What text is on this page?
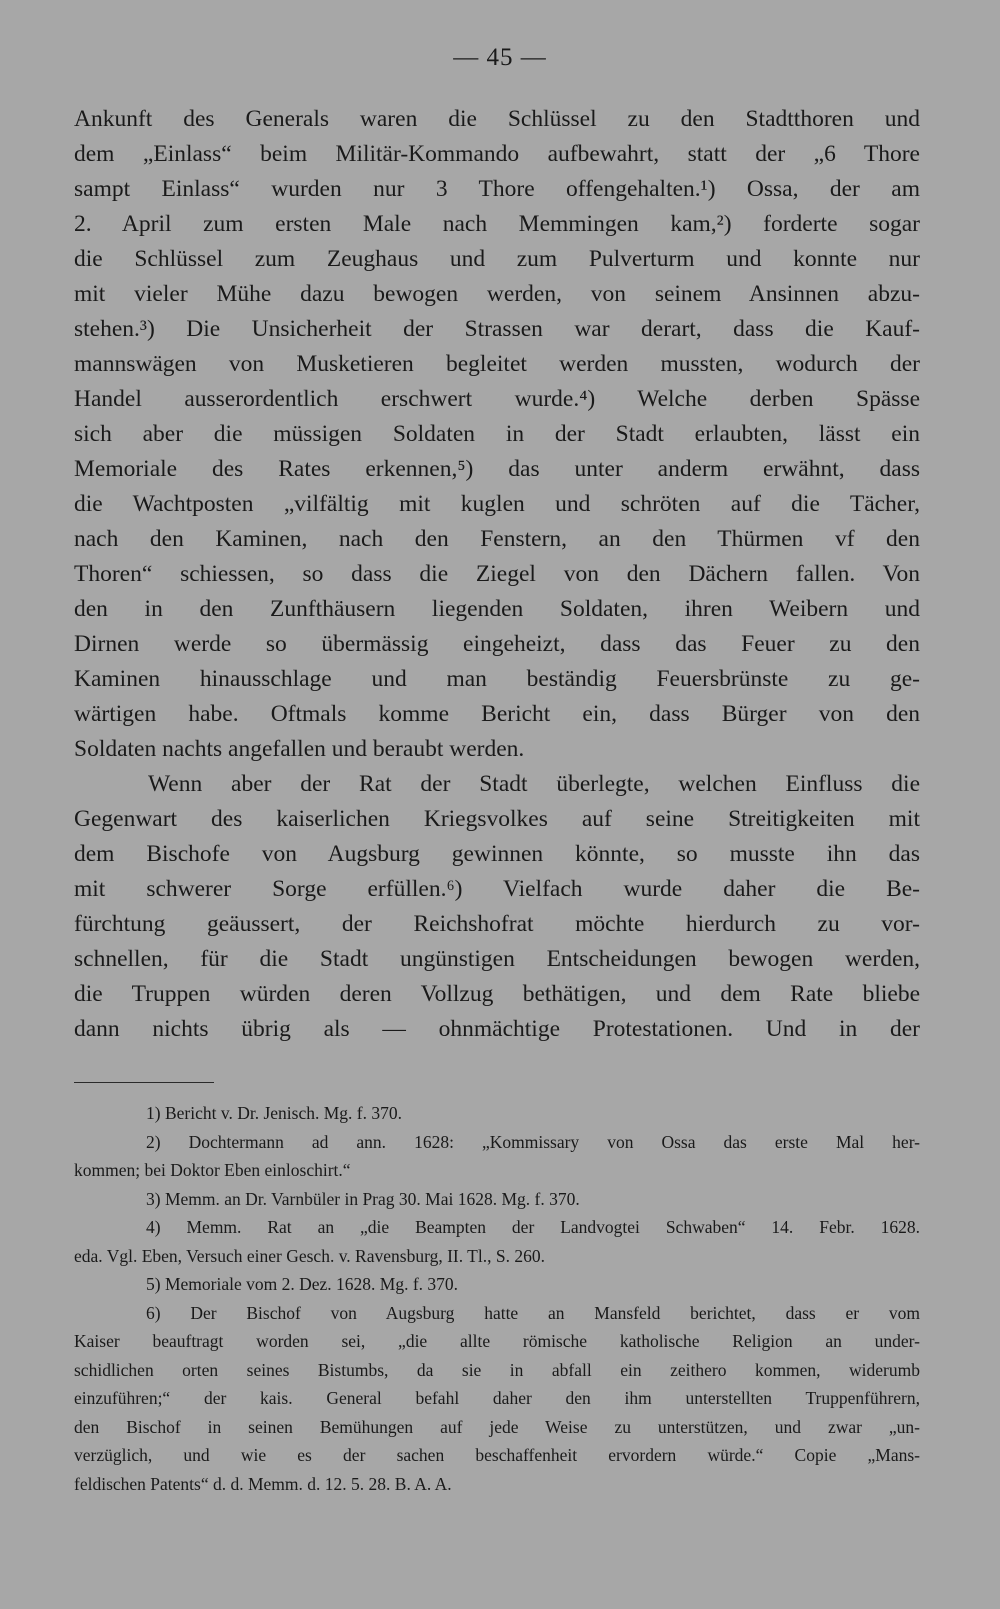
— 45 —
Ankunft des Generals waren die Schlüssel zu den Stadtthoren und
dem „Einlass“ beim Militär-Kommando aufbewahrt, statt der „6 Thore
sampt Einlass“ wurden nur 3 Thore offengehalten.¹) Ossa, der am
2. April zum ersten Male nach Memmingen kam,²) forderte sogar
die Schlüssel zum Zeughaus und zum Pulverturm und konnte nur
mit vieler Mühe dazu bewogen werden, von seinem Ansinnen abzu-
stehen.³) Die Unsicherheit der Strassen war derart, dass die Kauf-
mannswägen von Musketieren begleitet werden mussten, wodurch der
Handel ausserordentlich erschwert wurde.⁴) Welche derben Spässe
sich aber die müssigen Soldaten in der Stadt erlaubten, lässt ein
Memoriale des Rates erkennen,⁵) das unter anderm erwähnt, dass
die Wachtposten „vilfältig mit kuglen und schröten auf die Tächer,
nach den Kaminen, nach den Fenstern, an den Thürmen vf den
Thoren“ schiessen, so dass die Ziegel von den Dächern fallen. Von
den in den Zunfthäusern liegenden Soldaten, ihren Weibern und
Dirnen werde so übermässig eingeheizt, dass das Feuer zu den
Kaminen hinausschlage und man beständig Feuersbrünste zu ge-
wärtigen habe. Oftmals komme Bericht ein, dass Bürger von den
Soldaten nachts angefallen und beraubt werden.
Wenn aber der Rat der Stadt überlegte, welchen Einfluss die
Gegenwart des kaiserlichen Kriegsvolkes auf seine Streitigkeiten mit
dem Bischofe von Augsburg gewinnen könnte, so musste ihn das
mit schwerer Sorge erfüllen.⁶) Vielfach wurde daher die Be-
fürchtung geäussert, der Reichshofrat möchte hierdurch zu vor-
schnellen, für die Stadt ungünstigen Entscheidungen bewogen werden,
die Truppen würden deren Vollzug bethätigen, und dem Rate bliebe
dann nichts übrig als — ohnmächtige Protestationen. Und in der
1) Bericht v. Dr. Jenisch. Mg. f. 370.
2) Dochtermann ad ann. 1628: „Kommissary von Ossa das erste Mal her-
kommen; bei Doktor Eben einloschirt.“
3) Memm. an Dr. Varnbüler in Prag 30. Mai 1628. Mg. f. 370.
4) Memm. Rat an „die Beampten der Landvogtei Schwaben“ 14. Febr. 1628.
eda. Vgl. Eben, Versuch einer Gesch. v. Ravensburg, II. Tl., S. 260.
5) Memoriale vom 2. Dez. 1628. Mg. f. 370.
6) Der Bischof von Augsburg hatte an Mansfeld berichtet, dass er vom
Kaiser beauftragt worden sei, „die allte römische katholische Religion an under-
schidlichen orten seines Bistumbs, da sie in abfall ein zeithero kommen, widerumb
einzuführen;“ der kais. General befahl daher den ihm unterstellten Truppenführern,
den Bischof in seinen Bemühungen auf jede Weise zu unterstützen, und zwar „un-
verzüglich, und wie es der sachen beschaffenheit ervordern würde.“ Copie „Mans-
feldischen Patents“ d. d. Memm. d. 12. 5. 28. B. A. A.
